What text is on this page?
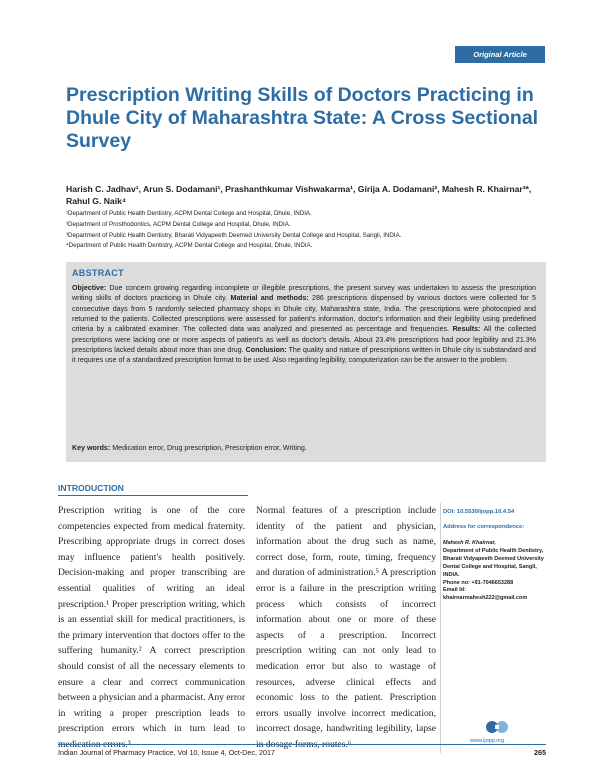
Original Article
Prescription Writing Skills of Doctors Practicing in Dhule City of Maharashtra State: A Cross Sectional Survey
Harish C. Jadhav¹, Arun S. Dodamani¹, Prashanthkumar Vishwakarma¹, Girija A. Dodamani², Mahesh R. Khairnar³*, Rahul G. Naik⁴
¹Department of Public Health Dentistry, ACPM Dental College and Hospital, Dhule, INDIA.
²Department of Prosthodontics, ACPM Dental College and Hospital, Dhule, INDIA.
³Department of Public Health Dentistry, Bharati Vidyapeeth Deemed University Dental College and Hospital, Sangli, INDIA.
⁴Department of Public Health Dentistry, ACPM Dental College and Hospital, Dhule, INDIA.
ABSTRACT
Objective: Due concern growing regarding incomplete or illegible prescriptions, the present survey was undertaken to assess the prescription writing skills of doctors practicing in Dhule city. Material and methods: 286 prescriptions dispensed by various doctors were collected for 5 consecutive days from 5 randomly selected pharmacy shops in Dhule city, Maharashtra state, India. The prescriptions were photocopied and returned to the patients. Collected prescriptions were assessed for patient's information, doctor's information and their legibility using predefined criteria by a calibrated examiner. The collected data was analyzed and presented as percentage and frequencies. Results: All the collected prescriptions were lacking one or more aspects of patient's as well as doctor's details. About 23.4% prescriptions had poor legibility and 21.3% prescriptions lacked details about more than one drug. Conclusion: The quality and nature of prescriptions written in Dhule city is substandard and it requires use of a standardized prescription format to be used. Also regarding legibility, computerization can be the answer to the problem.
Key words: Medication error, Drug prescription, Prescription error, Writing.
INTRODUCTION
Prescription writing is one of the core competencies expected from medical fraternity. Prescribing appropriate drugs in correct doses may influence patient's health positively. Decision-making and proper transcribing are essential qualities of writing an ideal prescription.¹ Proper prescription writing, which is an essential skill for medical practitioners, is the primary intervention that doctors offer to the suffering humanity.² A correct prescription should consist of all the necessary elements to ensure a clear and correct communication between a physician and a pharmacist. Any error in writing a proper prescription leads to prescription errors which in turn lead to
Normal features of a prescription include identity of the patient and physician, information about the drug such as name, correct dose, form, route, timing, frequency and duration of administration.⁵ A prescription error is a failure in the prescription writing process which consists of incorrect information about one or more of these aspects of a prescription. Incorrect prescription writing can not only lead to medication error but also to wastage of resources, adverse clinical effects and economic loss to the patient. Prescription errors usually involve incorrect medication, incorrect dosage, handwriting legibility, lapse
DOI: 10.5530/ijopp.10.4.54
Address for correspondence:
Mahesh R. Khairnar,
Department of Public Health Dentistry, Bharati Vidyapeeth Deemed University Dental College and Hospital, Sangli, INDIA.
Phone no: +91-7046653288
Email Id: khairnarmahesh222@gmail.com
www.ijopp.org
Indian Journal of Pharmacy Practice, Vol 10, Issue 4, Oct-Dec, 2017	265
